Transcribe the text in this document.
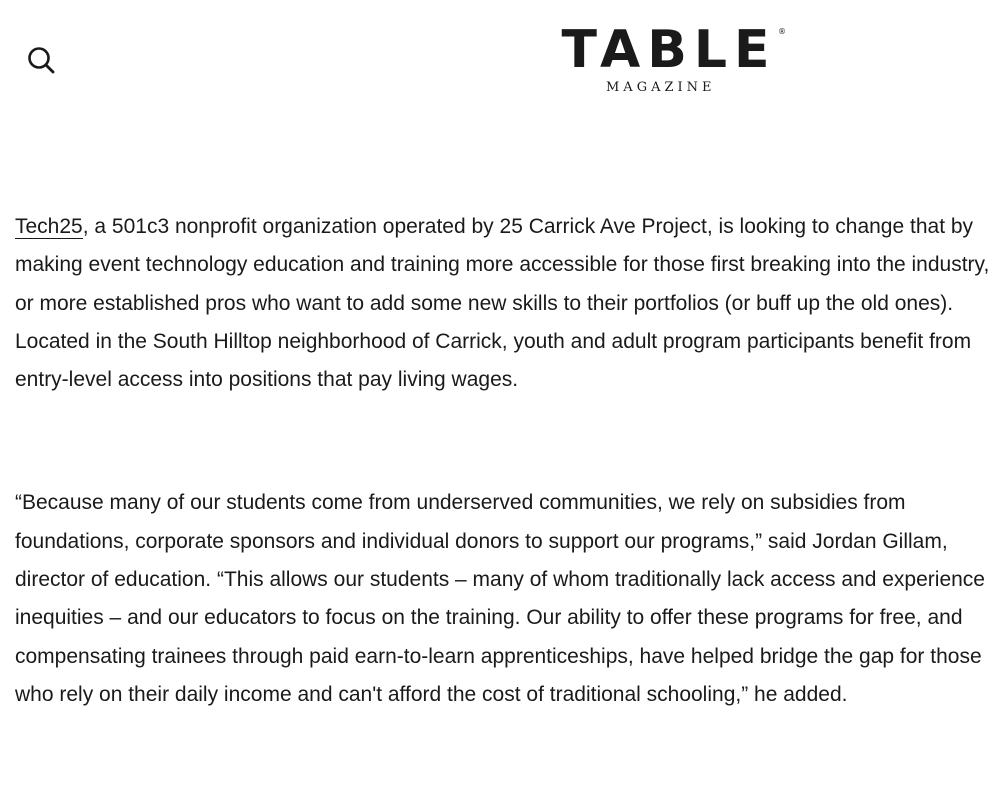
TABLE ®
MAGAZINE

Tech25, a 501c3 nonprofit organization operated by 25 Carrick Ave Project, is looking to change that by making event technology education and training more accessible for those first breaking into the industry, or more established pros who want to add some new skills to their portfolios (or buff up the old ones). Located in the South Hilltop neighborhood of Carrick, youth and adult program participants benefit from entry-level access into positions that pay living wages.

“Because many of our students come from underserved communities, we rely on subsidies from foundations, corporate sponsors and individual donors to support our programs,” said Jordan Gillam, director of education. “This allows our students – many of whom traditionally lack access and experience inequities – and our educators to focus on the training. Our ability to offer these programs for free, and compensating trainees through paid earn-to-learn apprenticeships, have helped bridge the gap for those who rely on their daily income and can't afford the cost of traditional schooling,” he added.
